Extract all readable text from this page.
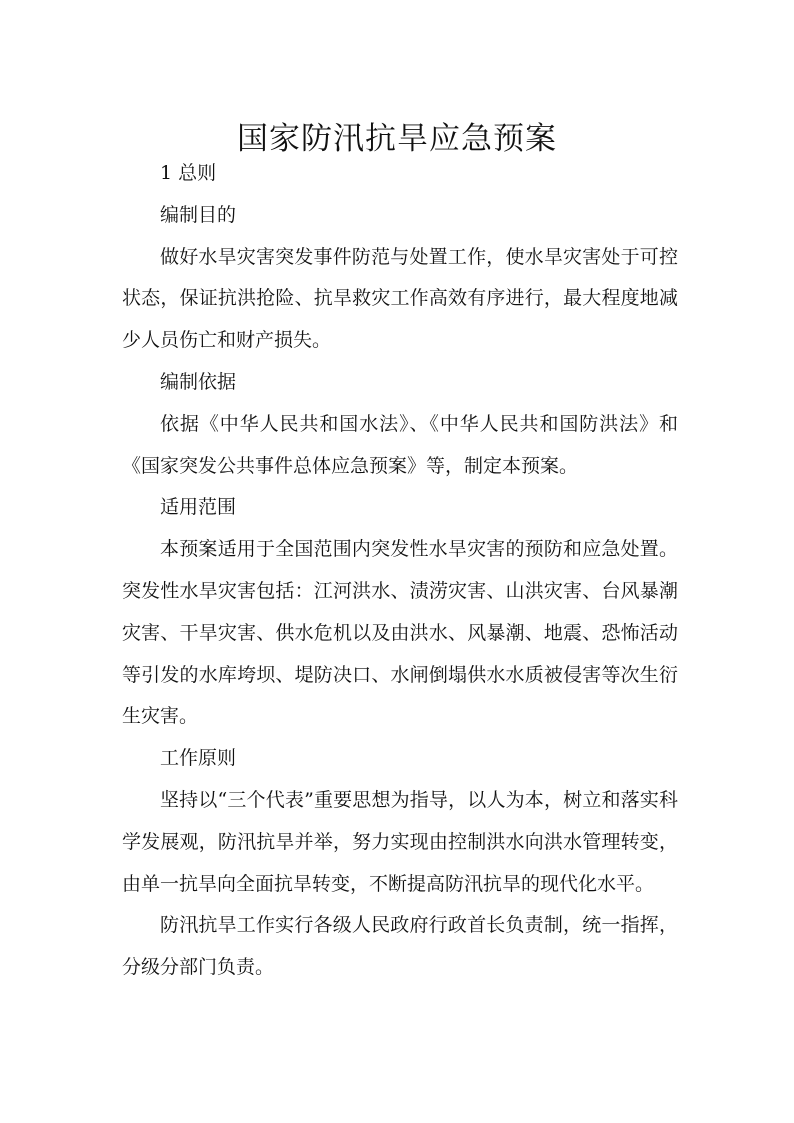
国家防汛抗旱应急预案

1 总则

编制目的

做好水旱灾害突发事件防范与处置工作，使水旱灾害处于可控状态，保证抗洪抢险、抗旱救灾工作高效有序进行，最大程度地减少人员伤亡和财产损失。

编制依据

依据《中华人民共和国水法》、《中华人民共和国防洪法》和《国家突发公共事件总体应急预案》等，制定本预案。

适用范围

本预案适用于全国范围内突发性水旱灾害的预防和应急处置。突发性水旱灾害包括：江河洪水、渍涝灾害、山洪灾害、台风暴潮灾害、干旱灾害、供水危机以及由洪水、风暴潮、地震、恐怖活动等引发的水库垮坝、堤防决口、水闸倒塌供水水质被侵害等次生衍生灾害。

工作原则

坚持以“三个代表”重要思想为指导，以人为本，树立和落实科学发展观，防汛抗旱并举，努力实现由控制洪水向洪水管理转变，由单一抗旱向全面抗旱转变，不断提高防汛抗旱的现代化水平。

防汛抗旱工作实行各级人民政府行政首长负责制，统一指挥，分级分部门负责。
